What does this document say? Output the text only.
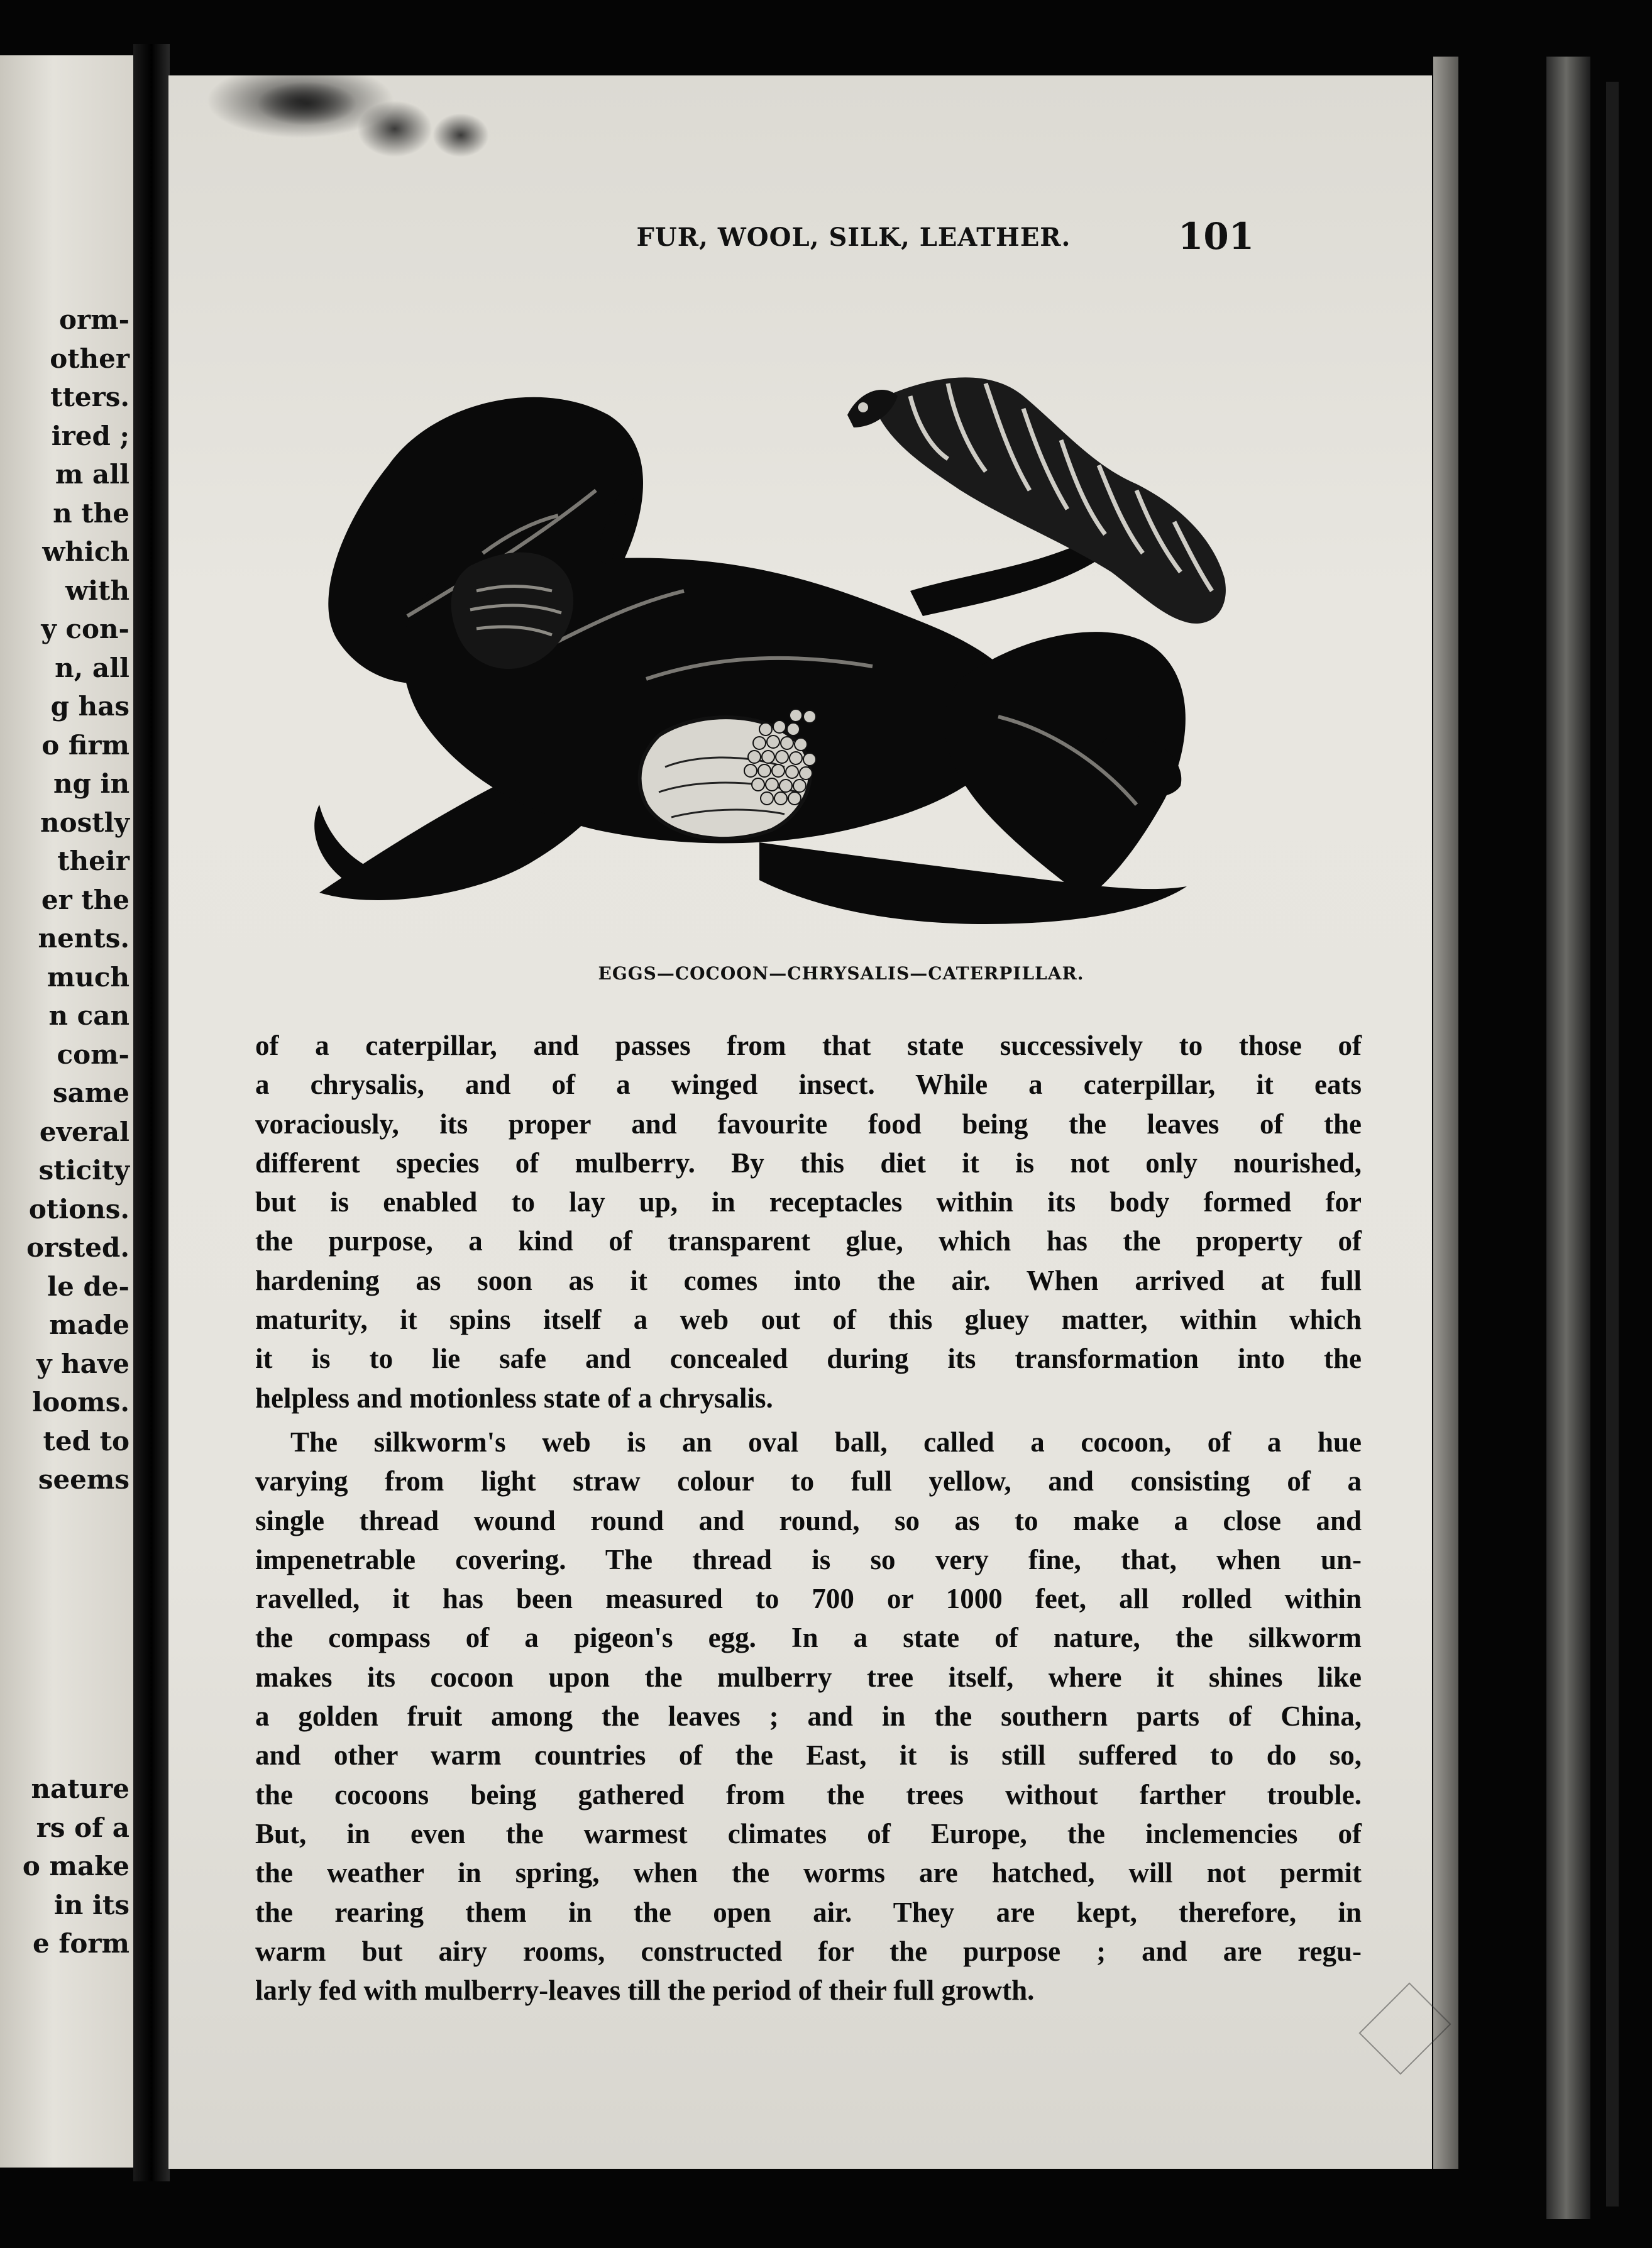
orm-
other
tters.
ired ;
m all
n the
which
with
y con-
n, all
g has
o firm
ng in
nostly
their
er the
nents.
much
n can
com-
same
everal
sticity
otions.
orsted.
le de-
made
y have
looms.
ted to
seems
nature
rs of a
o make
in its
e form
FUR, WOOL, SILK, LEATHER.	101
EGGS—COCOON—CHRYSALIS—CATERPILLAR.
of a caterpillar, and passes from that state successively to those of
a chrysalis, and of a winged insect. While a caterpillar, it eats
voraciously, its proper and favourite food being the leaves of the
different species of mulberry. By this diet it is not only nourished,
but is enabled to lay up, in receptacles within its body formed for
the purpose, a kind of transparent glue, which has the property of
hardening as soon as it comes into the air. When arrived at full
maturity, it spins itself a web out of this gluey matter, within which
it is to lie safe and concealed during its transformation into the
helpless and motionless state of a chrysalis.
The silkworm's web is an oval ball, called a cocoon, of a hue
varying from light straw colour to full yellow, and consisting of a
single thread wound round and round, so as to make a close and
impenetrable covering. The thread is so very fine, that, when un-
ravelled, it has been measured to 700 or 1000 feet, all rolled within
the compass of a pigeon's egg. In a state of nature, the silkworm
makes its cocoon upon the mulberry tree itself, where it shines like
a golden fruit among the leaves ; and in the southern parts of China,
and other warm countries of the East, it is still suffered to do so,
the cocoons being gathered from the trees without farther trouble.
But, in even the warmest climates of Europe, the inclemencies of
the weather in spring, when the worms are hatched, will not permit
the rearing them in the open air. They are kept, therefore, in
warm but airy rooms, constructed for the purpose ; and are regu-
larly fed with mulberry-leaves till the period of their full growth.
